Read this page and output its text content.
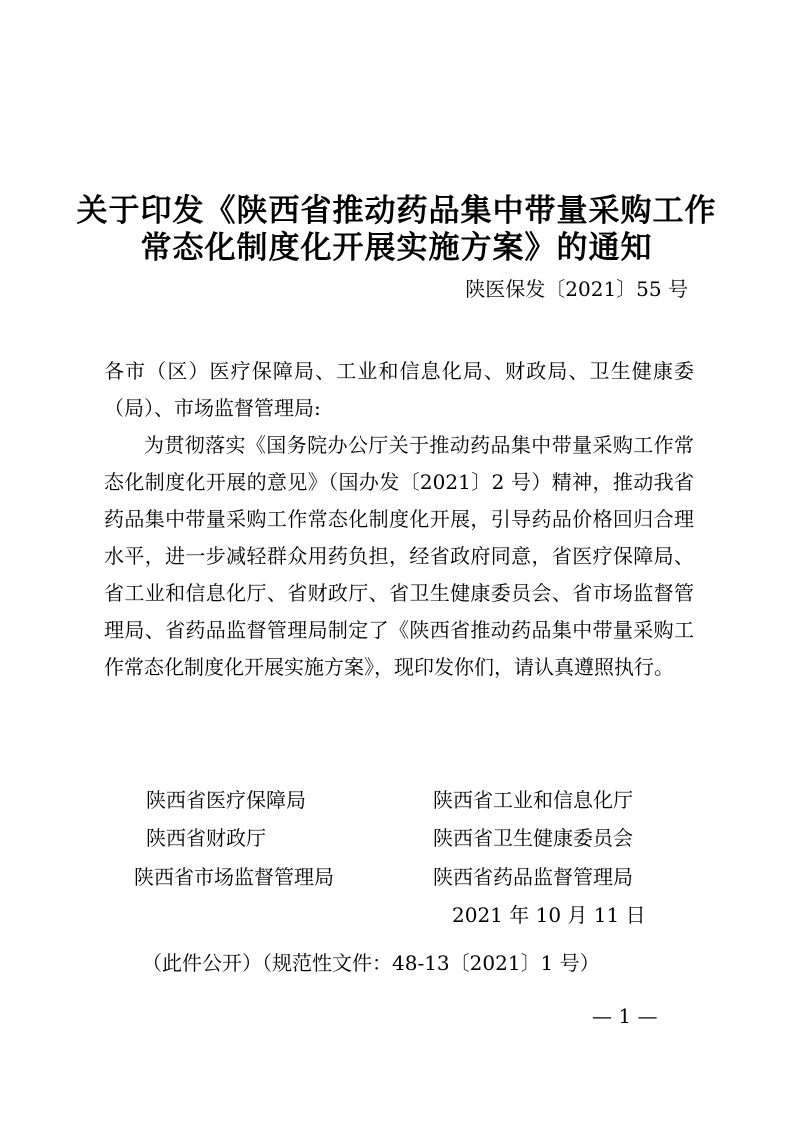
关于印发《陕西省推动药品集中带量采购工作
常态化制度化开展实施方案》的通知
陕医保发〔2021〕55 号
各市（区）医疗保障局、工业和信息化局、财政局、卫生健康委（局）、市场监督管理局:
为贯彻落实《国务院办公厅关于推动药品集中带量采购工作常态化制度化开展的意见》（国办发〔2021〕2 号）精神，推动我省药品集中带量采购工作常态化制度化开展，引导药品价格回归合理水平，进一步减轻群众用药负担，经省政府同意，省医疗保障局、省工业和信息化厅、省财政厅、省卫生健康委员会、省市场监督管理局、省药品监督管理局制定了《陕西省推动药品集中带量采购工作常态化制度化开展实施方案》，现印发你们，请认真遵照执行。
陕西省医疗保障局	陕西省工业和信息化厅
陕西省财政厅	陕西省卫生健康委员会
陕西省市场监督管理局	陕西省药品监督管理局
2021 年 10 月 11 日
（此件公开）（规范性文件：48-13〔2021〕1 号）
— 1 —
